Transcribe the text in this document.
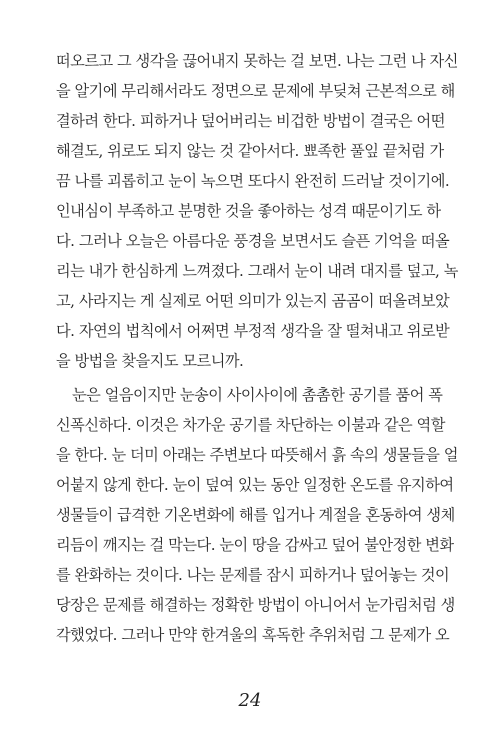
떠오르고 그 생각을 끊어내지 못하는 걸 보면. 나는 그런 나 자신
을 알기에 무리해서라도 정면으로 문제에 부딪쳐 근본적으로 해
결하려 한다. 피하거나 덮어버리는 비겁한 방법이 결국은 어떤
해결도, 위로도 되지 않는 것 같아서다. 뾰족한 풀잎 끝처럼 가
끔 나를 괴롭히고 눈이 녹으면 또다시 완전히 드러날 것이기에.
인내심이 부족하고 분명한 것을 좋아하는 성격 때문이기도 하
다. 그러나 오늘은 아름다운 풍경을 보면서도 슬픈 기억을 떠올
리는 내가 한심하게 느껴졌다. 그래서 눈이 내려 대지를 덮고, 녹
고, 사라지는 게 실제로 어떤 의미가 있는지 곰곰이 떠올려보았
다. 자연의 법칙에서 어쩌면 부정적 생각을 잘 떨쳐내고 위로받
을 방법을 찾을지도 모르니까.
눈은 얼음이지만 눈송이 사이사이에 촘촘한 공기를 품어 폭
신폭신하다. 이것은 차가운 공기를 차단하는 이불과 같은 역할
을 한다. 눈 더미 아래는 주변보다 따뜻해서 흙 속의 생물들을 얼
어붙지 않게 한다. 눈이 덮여 있는 동안 일정한 온도를 유지하여
생물들이 급격한 기온변화에 해를 입거나 계절을 혼동하여 생체
리듬이 깨지는 걸 막는다. 눈이 땅을 감싸고 덮어 불안정한 변화
를 완화하는 것이다. 나는 문제를 잠시 피하거나 덮어놓는 것이
당장은 문제를 해결하는 정확한 방법이 아니어서 눈가림처럼 생
각했었다. 그러나 만약 한겨울의 혹독한 추위처럼 그 문제가 오
24
